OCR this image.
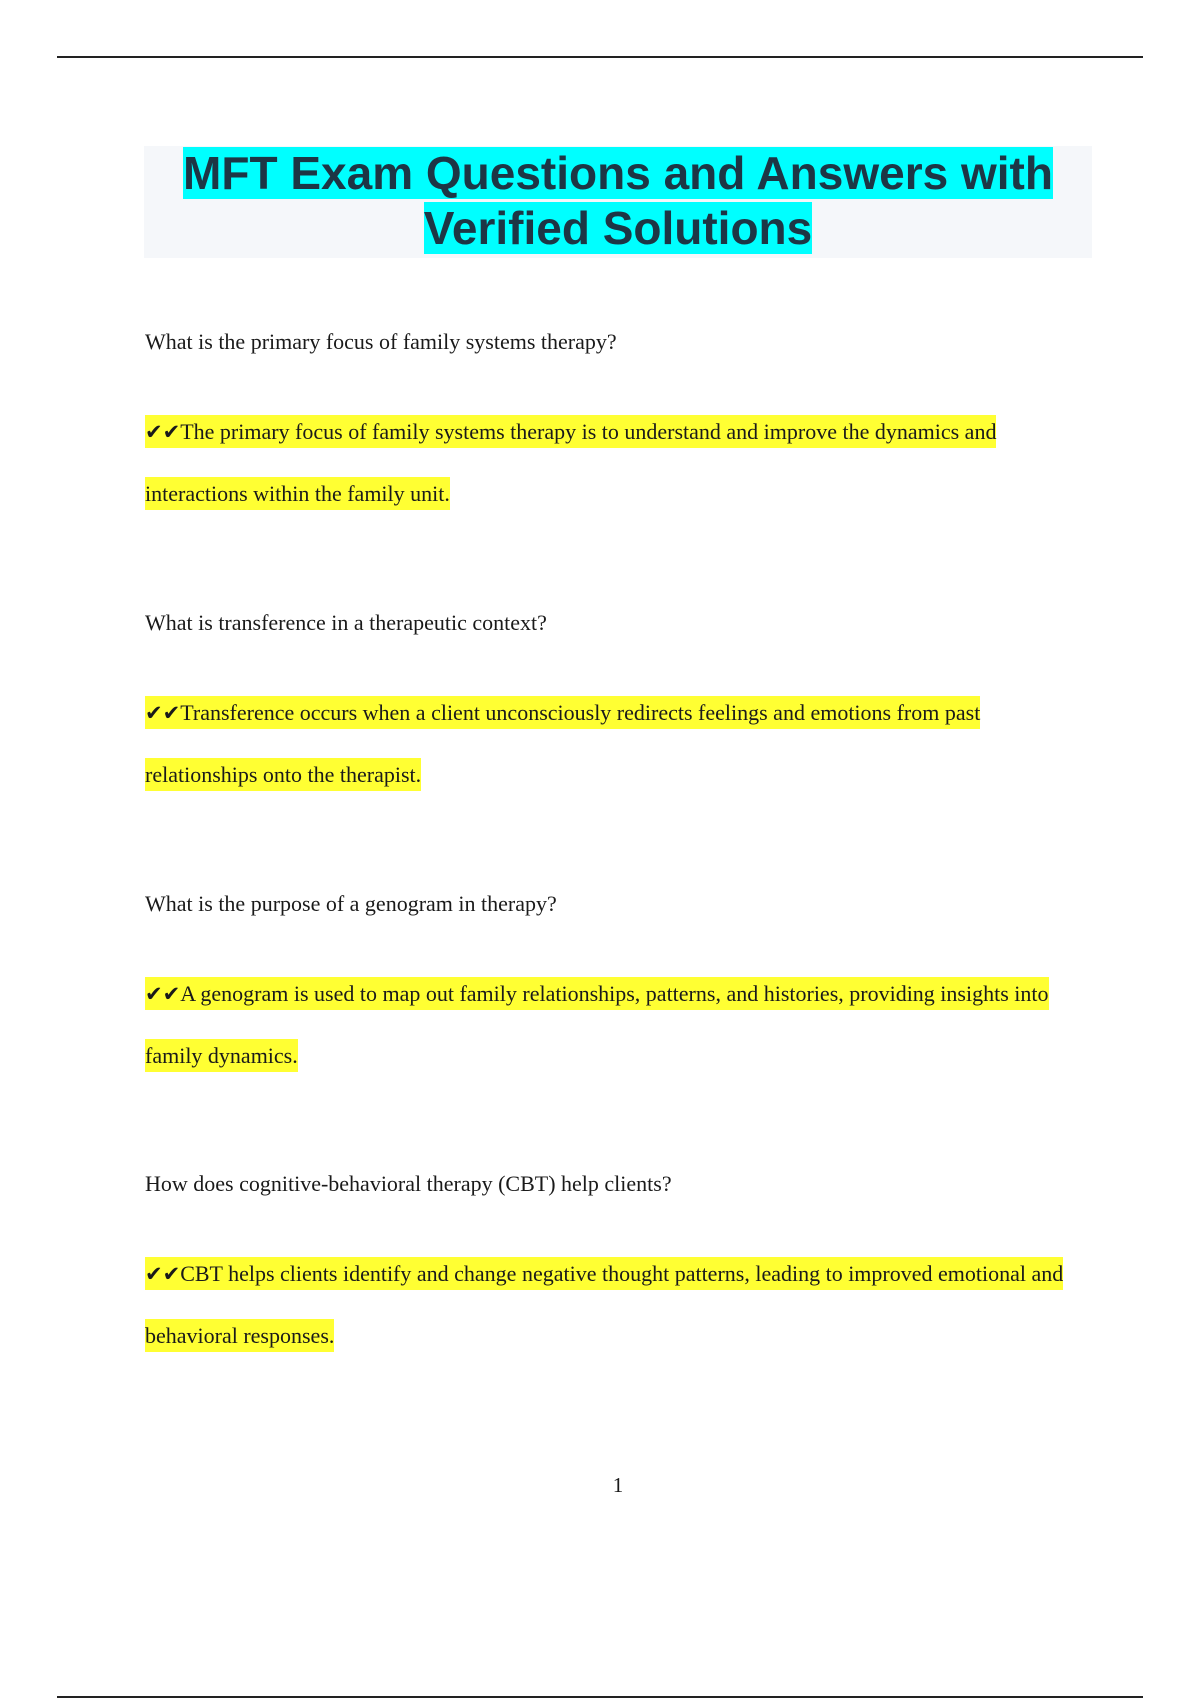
MFT Exam Questions and Answers with
Verified Solutions

What is the primary focus of family systems therapy?

✔✔The primary focus of family systems therapy is to understand and improve the dynamics and interactions within the family unit.

What is transference in a therapeutic context?

✔✔Transference occurs when a client unconsciously redirects feelings and emotions from past relationships onto the therapist.

What is the purpose of a genogram in therapy?

✔✔A genogram is used to map out family relationships, patterns, and histories, providing insights into family dynamics.

How does cognitive-behavioral therapy (CBT) help clients?

✔✔CBT helps clients identify and change negative thought patterns, leading to improved emotional and behavioral responses.

1
